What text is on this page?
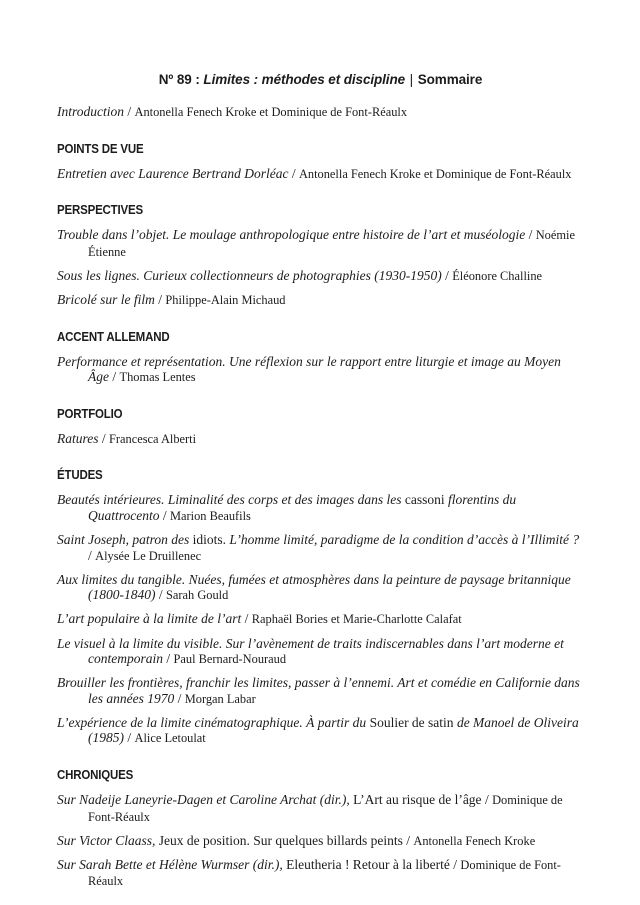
Nº 89 : Limites : méthodes et discipline | Sommaire

Introduction / Antonella Fenech Kroke et Dominique de Font-Réaulx

POINTS DE VUE

Entretien avec Laurence Bertrand Dorléac / Antonella Fenech Kroke et Dominique de Font-Réaulx

PERSPECTIVES

Trouble dans l’objet. Le moulage anthropologique entre histoire de l’art et muséologie / Noémie Étienne

Sous les lignes. Curieux collectionneurs de photographies (1930-1950) / Éléonore Challine

Bricolé sur le film / Philippe-Alain Michaud

ACCENT ALLEMAND

Performance et représentation. Une réflexion sur le rapport entre liturgie et image au Moyen Âge / Thomas Lentes

PORTFOLIO

Ratures / Francesca Alberti

ÉTUDES

Beautés intérieures. Liminalité des corps et des images dans les cassoni florentins du Quattrocento / Marion Beaufils

Saint Joseph, patron des idiots. L’homme limité, paradigme de la condition d’accès à l’Illimité ? / Alysée Le Druillenec

Aux limites du tangible. Nuées, fumées et atmosphères dans la peinture de paysage britannique (1800-1840) / Sarah Gould

L’art populaire à la limite de l’art / Raphaël Bories et Marie-Charlotte Calafat

Le visuel à la limite du visible. Sur l’avènement de traits indiscernables dans l’art moderne et contemporain / Paul Bernard-Nouraud

Brouiller les frontières, franchir les limites, passer à l’ennemi. Art et comédie en Californie dans les années 1970 / Morgan Labar

L’expérience de la limite cinématographique. À partir du Soulier de satin de Manoel de Oliveira (1985) / Alice Letoulat

CHRONIQUES

Sur Nadeije Laneyrie-Dagen et Caroline Archat (dir.), L’Art au risque de l’âge / Dominique de Font-Réaulx

Sur Victor Claass, Jeux de position. Sur quelques billards peints / Antonella Fenech Kroke

Sur Sarah Bette et Hélène Wurmser (dir.), Eleutheria ! Retour à la liberté / Dominique de Font-Réaulx
